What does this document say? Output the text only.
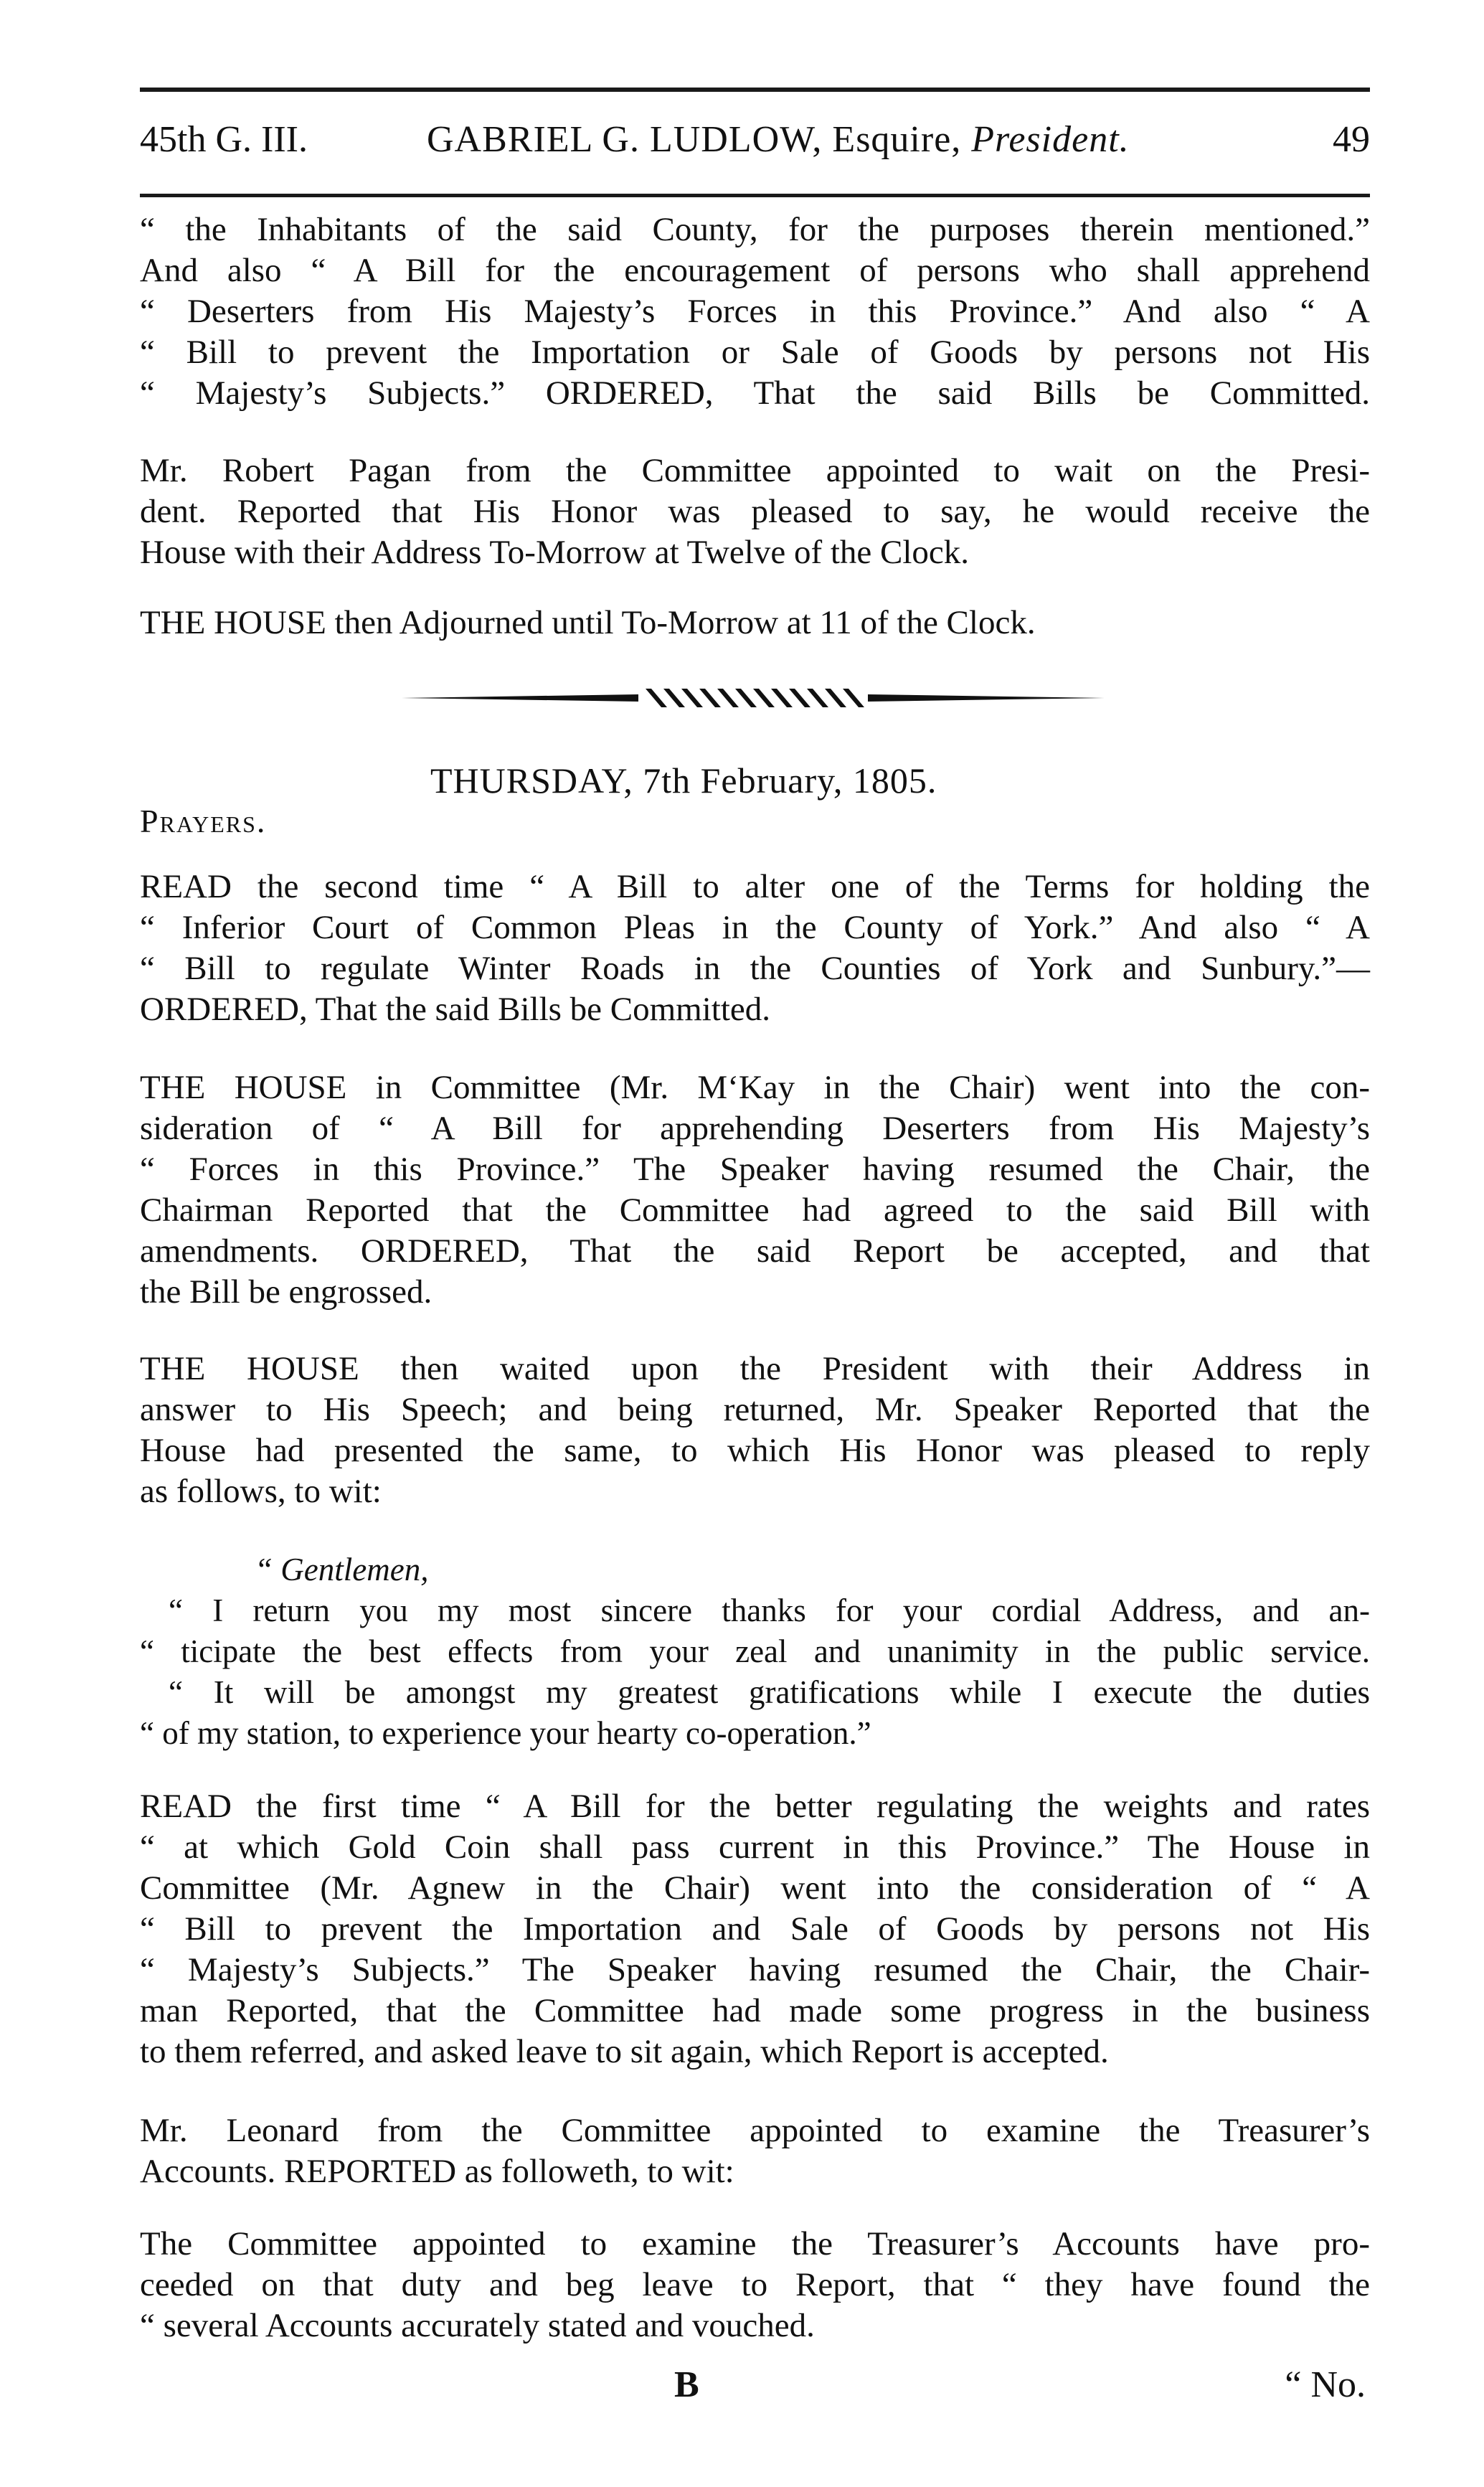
45th G. III.	GABRIEL G. LUDLOW, Esquire, President.	49

“ the Inhabitants of the said County, for the purposes therein mentioned.”

And also “ A Bill for the encouragement of persons who shall apprehend

“ Deserters from His Majesty’s Forces in this Province.” And also “ A

“ Bill to prevent the Importation or Sale of Goods by persons not His

“ Majesty’s Subjects.” ORDERED, That the said Bills be Committed.

Mr. Robert Pagan from the Committee appointed to wait on the Presi-

dent. Reported that His Honor was pleased to say, he would receive the

House with their Address To-Morrow at Twelve of the Clock.

THE HOUSE then Adjourned until To-Morrow at 11 of the Clock.

THURSDAY, 7th February, 1805.
Prayers.

READ the second time “ A Bill to alter one of the Terms for holding the

“ Inferior Court of Common Pleas in the County of York.” And also “ A

“ Bill to regulate Winter Roads in the Counties of York and Sunbury.”—

ORDERED, That the said Bills be Committed.

THE HOUSE in Committee (Mr. M‘Kay in the Chair) went into the con-

sideration of “ A Bill for apprehending Deserters from His Majesty’s

“ Forces in this Province.” The Speaker having resumed the Chair, the

Chairman Reported that the Committee had agreed to the said Bill with

amendments. ORDERED, That the said Report be accepted, and that

the Bill be engrossed.

THE HOUSE then waited upon the President with their Address in

answer to His Speech; and being returned, Mr. Speaker Reported that the

House had presented the same, to which His Honor was pleased to reply

as follows, to wit:

“ Gentlemen,

“ I return you my most sincere thanks for your cordial Address, and an-

“ ticipate the best effects from your zeal and unanimity in the public service.

“ It will be amongst my greatest gratifications while I execute the duties

“ of my station, to experience your hearty co-operation.”

READ the first time “ A Bill for the better regulating the weights and rates

“ at which Gold Coin shall pass current in this Province.” The House in

Committee (Mr. Agnew in the Chair) went into the consideration of “ A

“ Bill to prevent the Importation and Sale of Goods by persons not His

“ Majesty’s Subjects.” The Speaker having resumed the Chair, the Chair-

man Reported, that the Committee had made some progress in the business

to them referred, and asked leave to sit again, which Report is accepted.

Mr. Leonard from the Committee appointed to examine the Treasurer’s

Accounts. REPORTED as followeth, to wit:

The Committee appointed to examine the Treasurer’s Accounts have pro-

ceeded on that duty and beg leave to Report, that “ they have found the

“ several Accounts accurately stated and vouched.

B	“ No.
